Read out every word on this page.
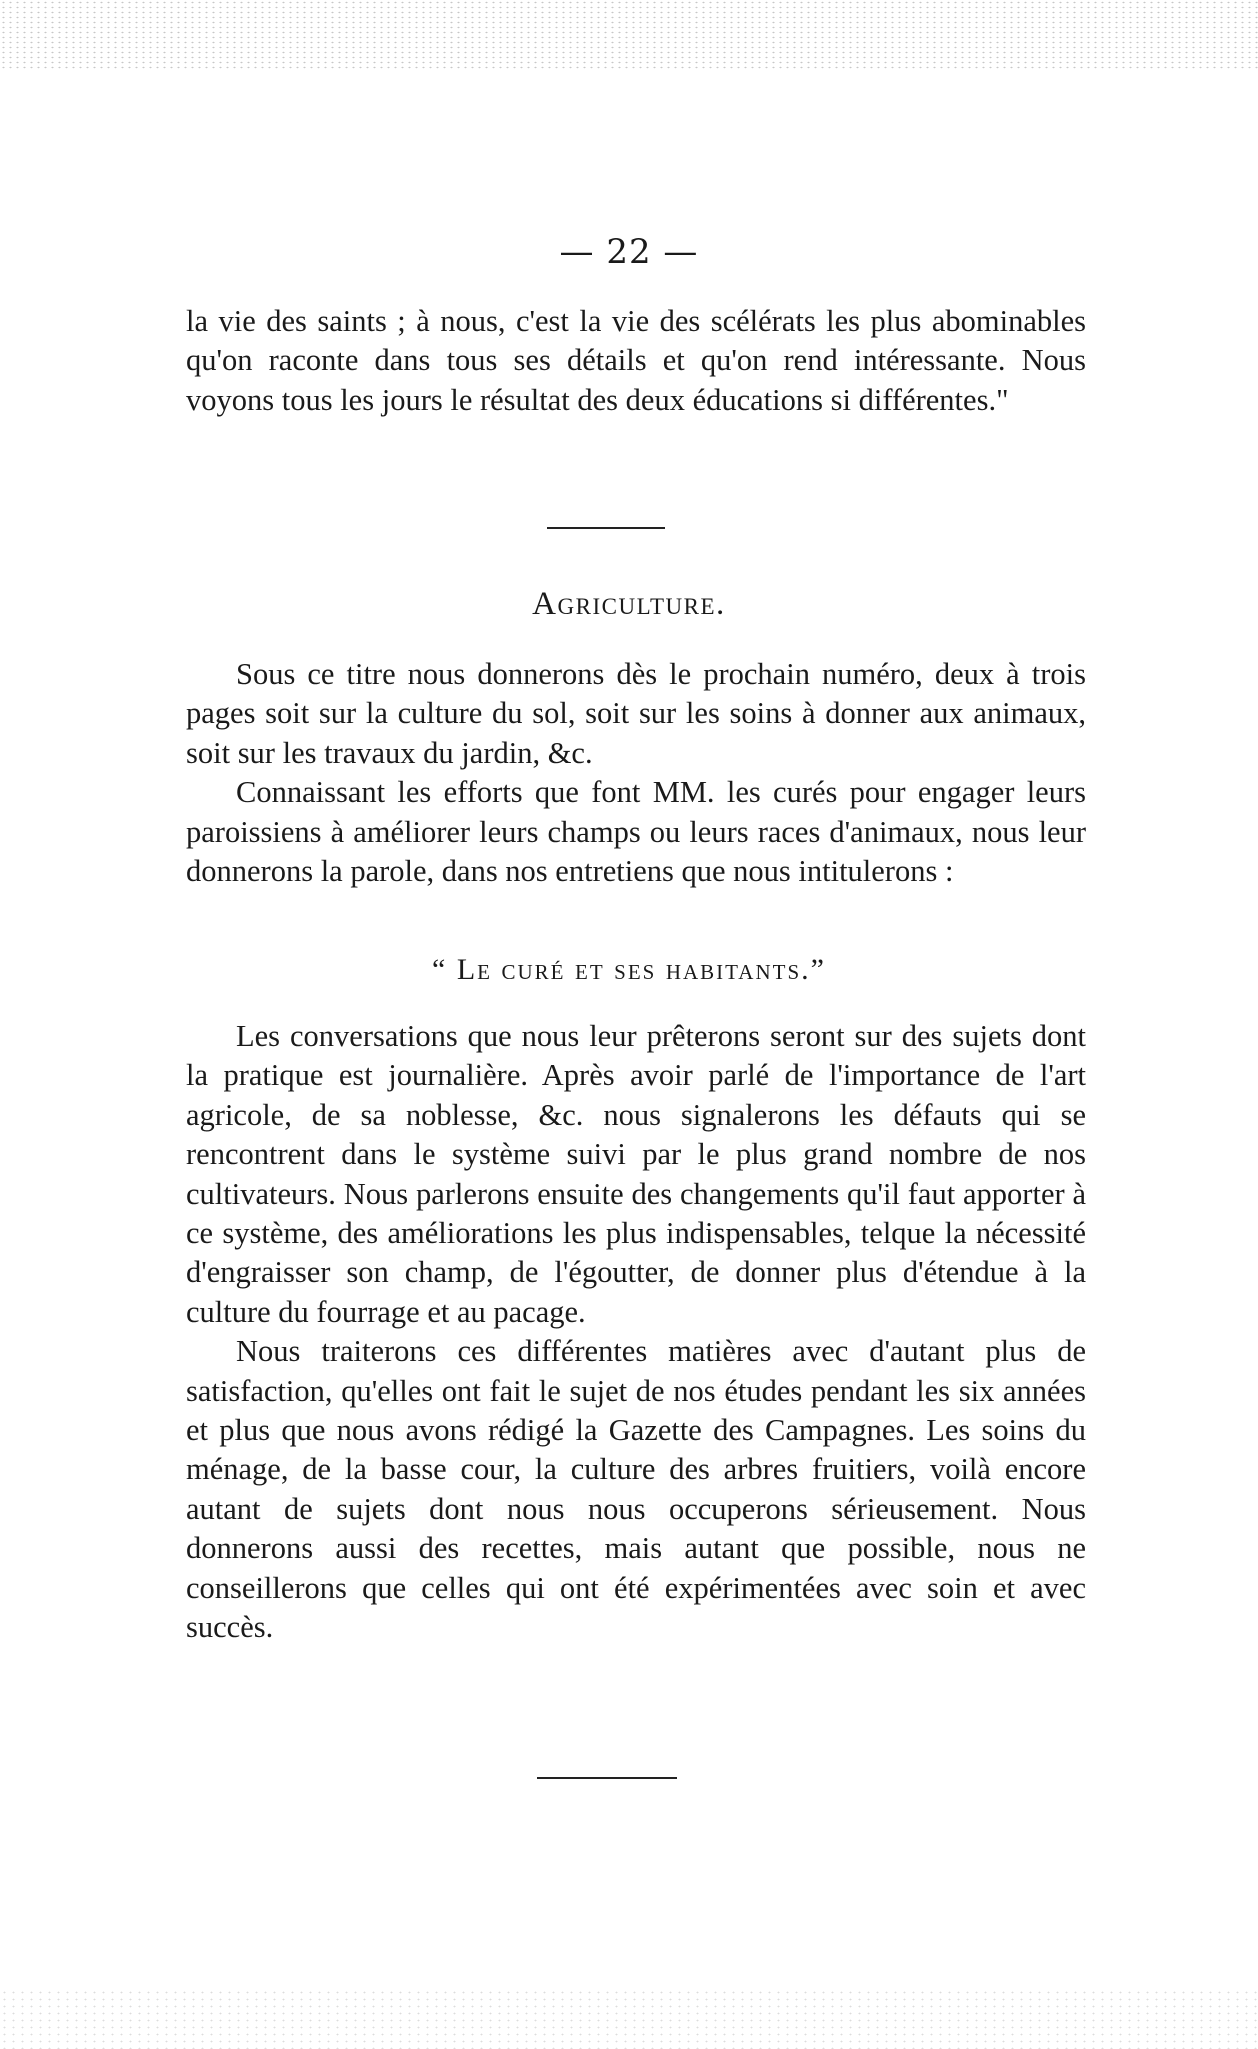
— 22 —

la vie des saints ; à nous, c'est la vie des scélérats les plus abominables qu'on raconte dans tous ses détails et qu'on rend intéressante. Nous voyons tous les jours le résultat des deux éducations si différentes."

Agriculture.

Sous ce titre nous donnerons dès le prochain numéro, deux à trois pages soit sur la culture du sol, soit sur les soins à donner aux animaux, soit sur les travaux du jardin, &c.

Connaissant les efforts que font MM. les curés pour engager leurs paroissiens à améliorer leurs champs ou leurs races d'animaux, nous leur donnerons la parole, dans nos entretiens que nous intitulerons :

“ Le curé et ses habitants.”

Les conversations que nous leur prêterons seront sur des sujets dont la pratique est journalière. Après avoir parlé de l'importance de l'art agricole, de sa noblesse, &c. nous signalerons les défauts qui se rencontrent dans le système suivi par le plus grand nombre de nos cultivateurs. Nous parlerons ensuite des changements qu'il faut apporter à ce système, des améliorations les plus indispensables, telque la nécessité d'engraisser son champ, de l'égoutter, de donner plus d'étendue à la culture du fourrage et au pacage.

Nous traiterons ces différentes matières avec d'autant plus de satisfaction, qu'elles ont fait le sujet de nos études pendant les six années et plus que nous avons rédigé la Gazette des Campagnes. Les soins du ménage, de la basse cour, la culture des arbres fruitiers, voilà encore autant de sujets dont nous nous occuperons sérieusement. Nous donnerons aussi des recettes, mais autant que possible, nous ne conseillerons que celles qui ont été expérimentées avec soin et avec succès.
